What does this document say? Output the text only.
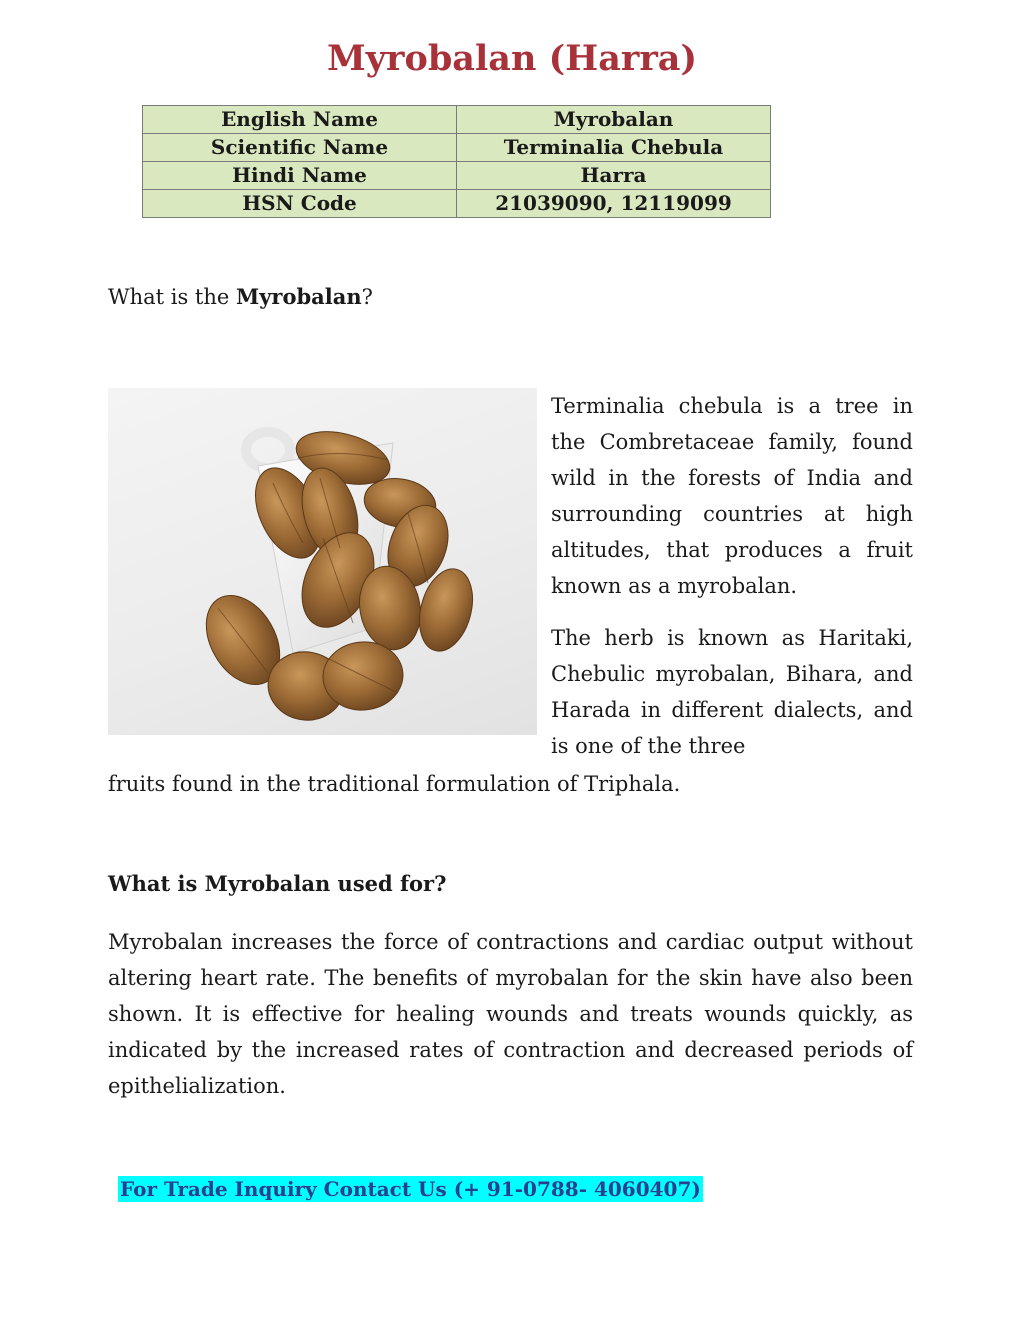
Myrobalan (Harra)
English Name	Myrobalan
Scientific Name	Terminalia Chebula
Hindi Name	Harra
HSN Code	21039090, 12119099

What is the Myrobalan?

Terminalia chebula is a tree in the Combretaceae family, found wild in the forests of India and surrounding countries at high altitudes, that produces a fruit known as a myrobalan.

The herb is known as Haritaki, Chebulic myrobalan, Bihara, and Harada in different dialects, and is one of the three

fruits found in the traditional formulation of Triphala.

What is Myrobalan used for?

Myrobalan increases the force of contractions and cardiac output without altering heart rate. The benefits of myrobalan for the skin have also been shown. It is effective for healing wounds and treats wounds quickly, as indicated by the increased rates of contraction and decreased periods of epithelialization.

For Trade Inquiry Contact Us (+ 91-0788- 4060407)
